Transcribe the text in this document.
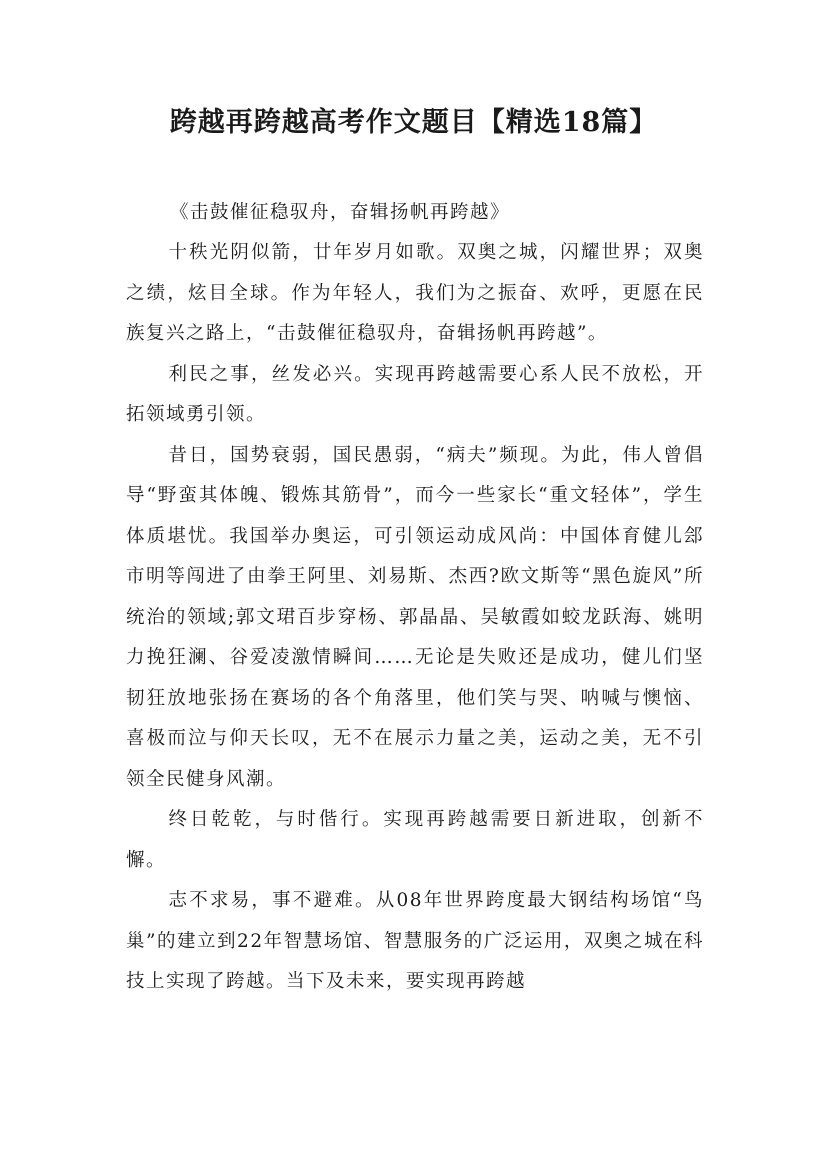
跨越再跨越高考作文题目【精选18篇】

《击鼓催征稳驭舟，奋辑扬帆再跨越》

十秩光阴似箭，廿年岁月如歌。双奥之城，闪耀世界；双奥之绩，炫目全球。作为年轻人，我们为之振奋、欢呼，更愿在民族复兴之路上，“击鼓催征稳驭舟，奋辑扬帆再跨越”。

利民之事，丝发必兴。实现再跨越需要心系人民不放松，开拓领域勇引领。

昔日，国势衰弱，国民愚弱，“病夫”频现。为此，伟人曾倡导“野蛮其体魄、锻炼其筋骨”，而今一些家长“重文轻体”，学生体质堪忧。我国举办奥运，可引领运动成风尚：中国体育健儿郐市明等闯进了由拳王阿里、刘易斯、杰西?欧文斯等“黑色旋风”所统治的领域;郭文珺百步穿杨、郭晶晶、吴敏霞如蛟龙跃海、姚明力挽狂澜、谷爱凌激情瞬间……无论是失败还是成功，健儿们坚韧狂放地张扬在赛场的各个角落里，他们笑与哭、呐喊与懊恼、喜极而泣与仰天长叹，无不在展示力量之美，运动之美，无不引领全民健身风潮。

终日乾乾，与时偕行。实现再跨越需要日新进取，创新不懈。

志不求易，事不避难。从08年世界跨度最大钢结构场馆“鸟巢”的建立到22年智慧场馆、智慧服务的广泛运用，双奥之城在科技上实现了跨越。当下及未来，要实现再跨越
